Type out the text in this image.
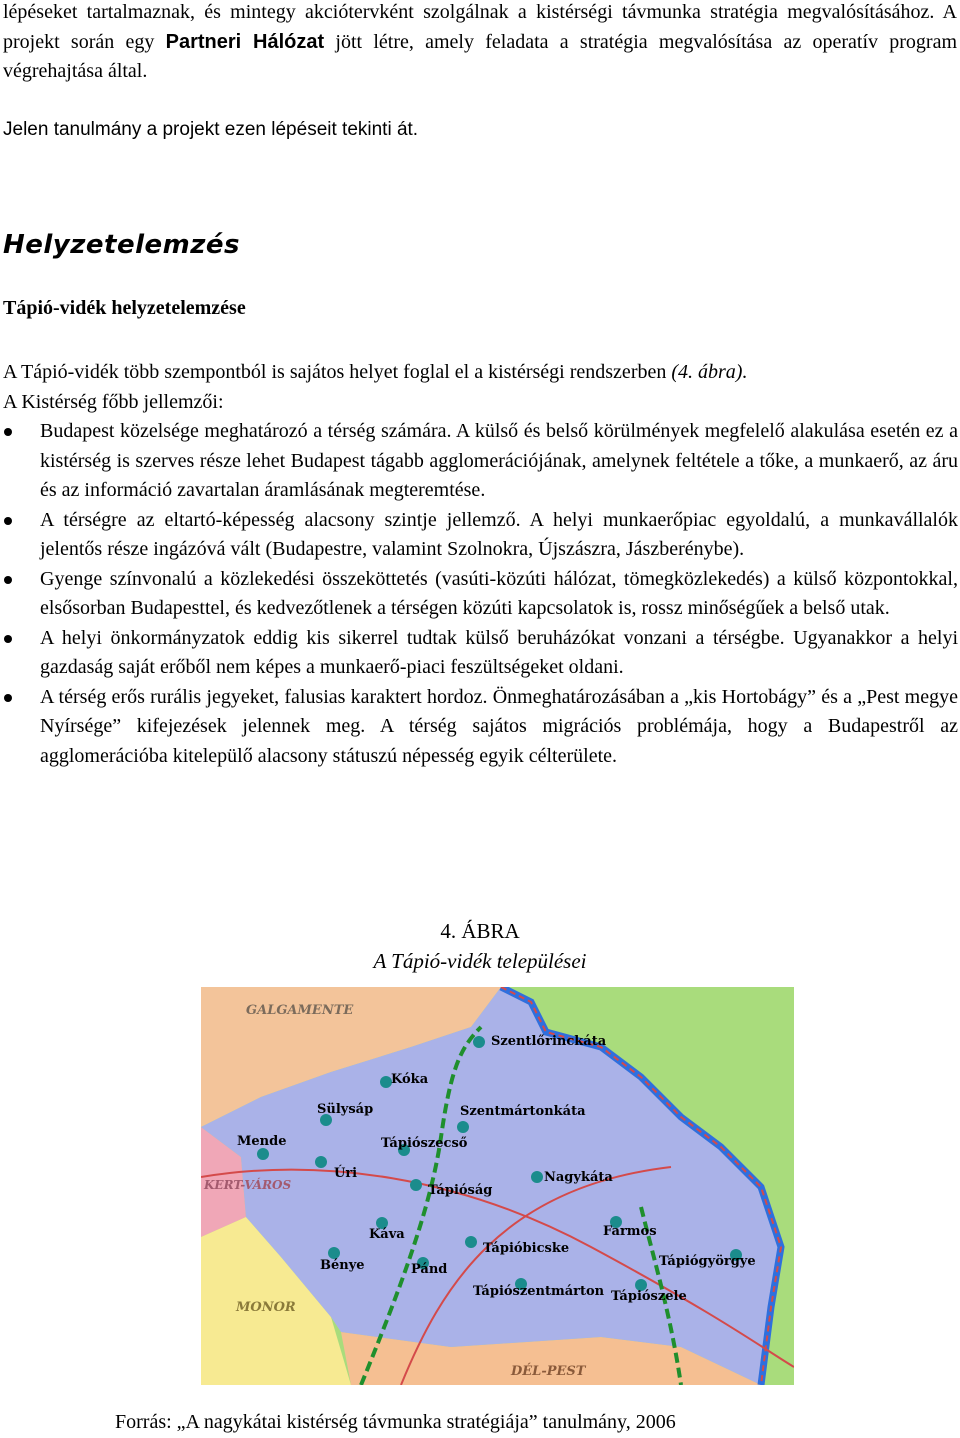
lépéseket tartalmaznak, és mintegy akciótervként szolgálnak a kistérségi távmunka stratégia megvalósításához. A projekt során egy Partneri Hálózat jött létre, amely feladata a stratégia megvalósítása az operatív program végrehajtása által.
Jelen tanulmány a projekt ezen lépéseit tekinti át.
Helyzetelemzés
Tápió-vidék helyzetelemzése
A Tápió-vidék több szempontból is sajátos helyet foglal el a kistérségi rendszerben (4. ábra).
A Kistérség főbb jellemzői:
Budapest közelsége meghatározó a térség számára. A külső és belső körülmények megfelelő alakulása esetén ez a kistérség is szerves része lehet Budapest tágabb agglomerációjának, amelynek feltétele a tőke, a munkaerő, az áru és az információ zavartalan áramlásának megteremtése.
A térségre az eltartó-képesség alacsony szintje jellemző. A helyi munkaerőpiac egyoldalú, a munkavállalók jelentős része ingázóvá vált (Budapestre, valamint Szolnokra, Újszászra, Jászberénybe).
Gyenge színvonalú a közlekedési összeköttetés (vasúti-közúti hálózat, tömegközlekedés) a külső központokkal, elsősorban Budapesttel, és kedvezőtlenek a térségen közúti kapcsolatok is, rossz minőségűek a belső utak.
A helyi önkormányzatok eddig kis sikerrel tudtak külső beruházókat vonzani a térségbe. Ugyanakkor a helyi gazdaság saját erőből nem képes a munkaerő-piaci feszültségeket oldani.
A térség erős rurális jegyeket, falusias karaktert hordoz. Önmeghatározásában a „kis Hortobágy” és a „Pest megye Nyírsége” kifejezések jelennek meg. A térség sajátos migrációs problémája, hogy a Budapestről az agglomerációba kitelepülő alacsony státuszú népesség egyik célterülete.
4. ÁBRA
A Tápió-vidék települései
GALGAMENTE
KERT-VÁROS
MONOR
DÉL-PEST
Szentlőrinckáta
Kóka
Sülysáp	Szentmártonkáta
Mende	Tápiószecső
Úri	Nagykáta
Tápióság
Farmos
Káva
Tápióbicske
Tápiógyörgye
Bénye	Pánd
Tápiószentmárton Tápiószele
Forrás: „A nagykátai kistérség távmunka stratégiája” tanulmány, 2006
